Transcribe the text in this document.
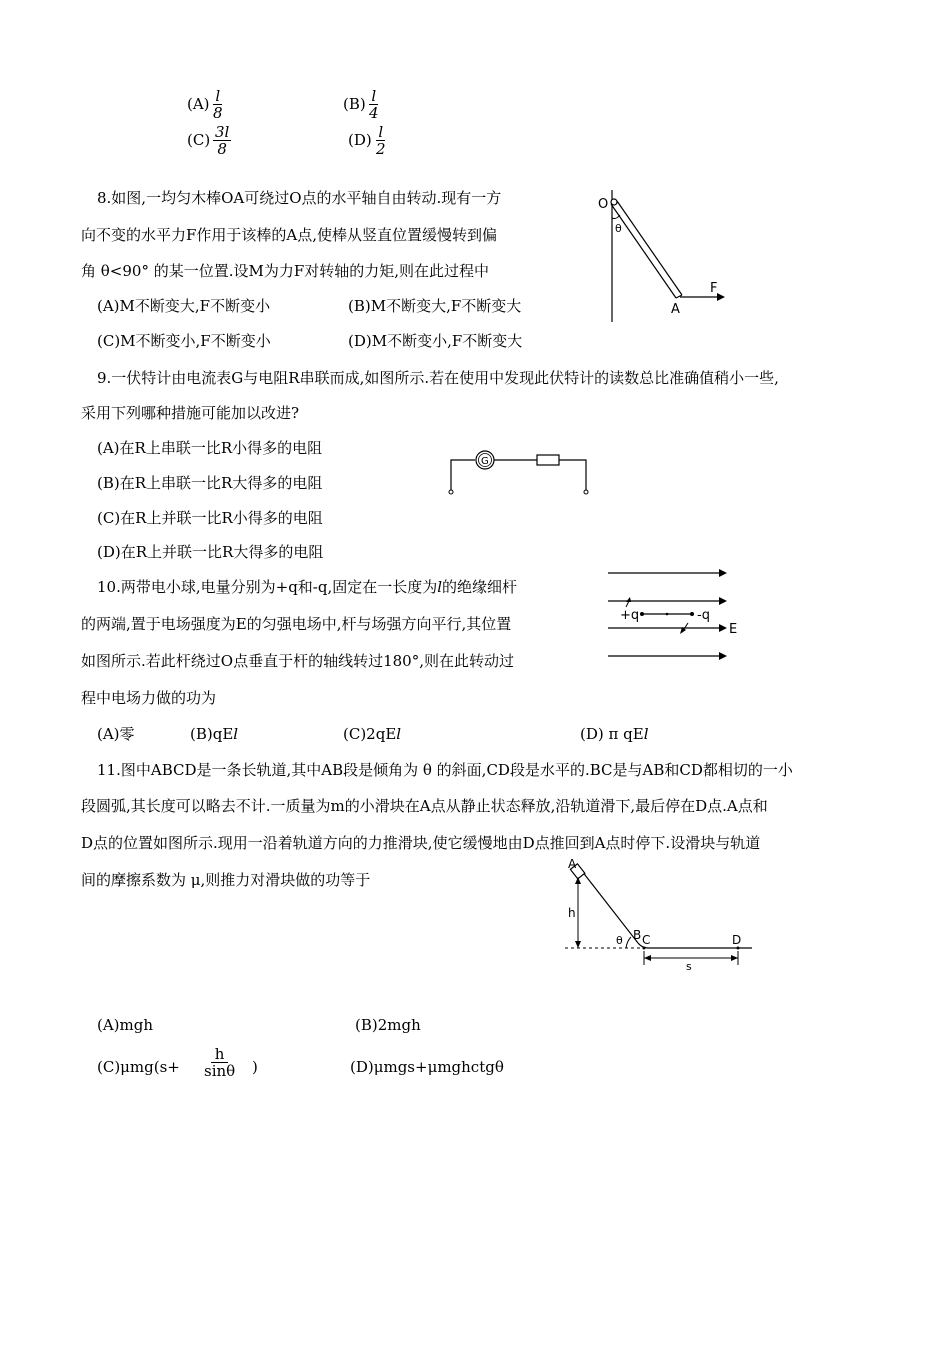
$(A) \frac{l}{8}$	$(B) \frac{l}{4}$
$(C) \frac{3l}{8}$	$(D) \frac{l}{2}$
8.如图,一均匀木棒OA可绕过O点的水平轴自由转动.现有一方
向不变的水平力F作用于该棒的A点,使棒从竖直位置缓慢转到偏
角 θ<90° 的某一位置.设M为力F对转轴的力矩,则在此过程中
(A)M不断变大,F不断变小	(B)M不断变大,F不断变大
(C)M不断变小,F不断变小	(D)M不断变小,F不断变大
O
θ
A
F
9.一伏特计由电流表G与电阻R串联而成,如图所示.若在使用中发现此伏特计的读数总比准确值稍小一些,
采用下列哪种措施可能加以改进?
(A)在R上串联一比R小得多的电阻
(B)在R上串联一比R大得多的电阻
(C)在R上并联一比R小得多的电阻
(D)在R上并联一比R大得多的电阻
G
10.两带电小球,电量分别为+q和-q,固定在一长度为l的绝缘细杆
的两端,置于电场强度为E的匀强电场中,杆与场强方向平行,其位置
如图所示.若此杆绕过O点垂直于杆的轴线转过180°,则在此转动过
程中电场力做的功为
(A)零	(B)qEl	(C)2qEl	(D) π qEl
+q	-q
E
11.图中ABCD是一条长轨道,其中AB段是倾角为 θ 的斜面,CD段是水平的.BC是与AB和CD都相切的一小
段圆弧,其长度可以略去不计.一质量为m的小滑块在A点从静止状态释放,沿轨道滑下,最后停在D点.A点和
D点的位置如图所示.现用一沿着轨道方向的力推滑块,使它缓慢地由D点推回到A点时停下.设滑块与轨道
间的摩擦系数为 μ,则推力对滑块做的功等于
A
h
θ B C	D
s
(A)mgh	(B)2mgh
$(C)\mu mg(s+ \frac{h}{\sin\theta}$ )	(D)μmgs+μmghctgθ
